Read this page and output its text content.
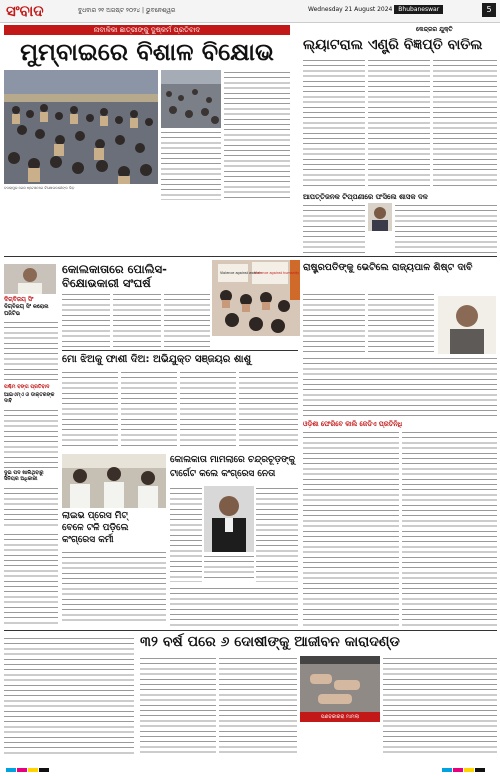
ସଂବାଦ	ବୁଧବାର ୨୧ ଅଗଷ୍ଟ ୨୦୨୪ | ଭୁବନେଶ୍ୱର	Wednesday 21 August 2024 Bhubaneswar	5
ନାବାଳିକା ଛାତ୍ରୀଙ୍କୁ ଦୁଷ୍କର୍ମ ପ୍ରତିବାଦ
ମୁମ୍ବାଇରେ ବିଶାଳ ବିକ୍ଷୋଭ
ବଦଲାପୁର ରେଳ ଷ୍ଟେସନରେ ବିକ୍ଷୋଭକାରୀଙ୍କ ଭିଡ଼
କେନ୍ଦ୍ରର ଯୁକ୍ତି
ଲ୍ୟାଟରାଲ ଏଣ୍ଟ୍ରି ବିଜ୍ଞପ୍ତି ବାତିଲ
ଆପତ୍ତିଜନକ ଟିପ୍ପଣୀରେ ଫସିଲେ ଶାସକ ଦଳ
ଦିଗ୍ବିଜୟ ସିଂ
ଦିଗ୍ବିଜୟ ସିଂ କରୋନା ପଜିଟିଭ
ପଶ୍ଚିମ ବଙ୍ଗ ପ୍ରତିବାଦ
ଆଇଏମ୍‌ଏ ଓ ଡାକ୍ତରଙ୍କ ଦାବି
ଦୁଇ ପଦ ଖାଲିଥିବାରୁ ସିନିୟର ଅଧିକାରୀ
କୋଲକାତାରେ ପୋଲିସ-ବିକ୍ଷୋଭକାରୀ ସଂଘର୍ଷ
Violence against women
Violence against humanity ରାଷ୍ଟ୍ରପତିଙ୍କୁ ଭେଟିଲେ ରାଜ୍ୟପାଳ ଶିଷ୍ଟ ଦାବି
ଓଡ଼ିଶା ଫେରିବେ କାଲି ଜେଡିଏ ପ୍ରତିନିଧି
ମୋ ଝିଅକୁ ଫାଶୀ ଦିଅ: ଅଭିଯୁକ୍ତ ସଞ୍ଜୟର ଶାଶୁ
କୋଲକାତା ମାମଲାରେ ଚନ୍ଦ୍ରଚୂଡ଼ଙ୍କୁ
ଟାର୍ଗେଟ କଲେ କଂଗ୍ରେସ ନେତା
ଲାଇଭ ପ୍ରେସ ମିଟ୍
ବେଳେ ଟଳି ପଡ଼ିଲେ
କଂଗ୍ରେସ କର୍ମୀ
୩୨ ବର୍ଷ ପରେ ୬ ଦୋଷୀଙ୍କୁ ଆଜୀବନ କାରାଦଣ୍ଡ
ପଣବକାରରା ମାମଲା
